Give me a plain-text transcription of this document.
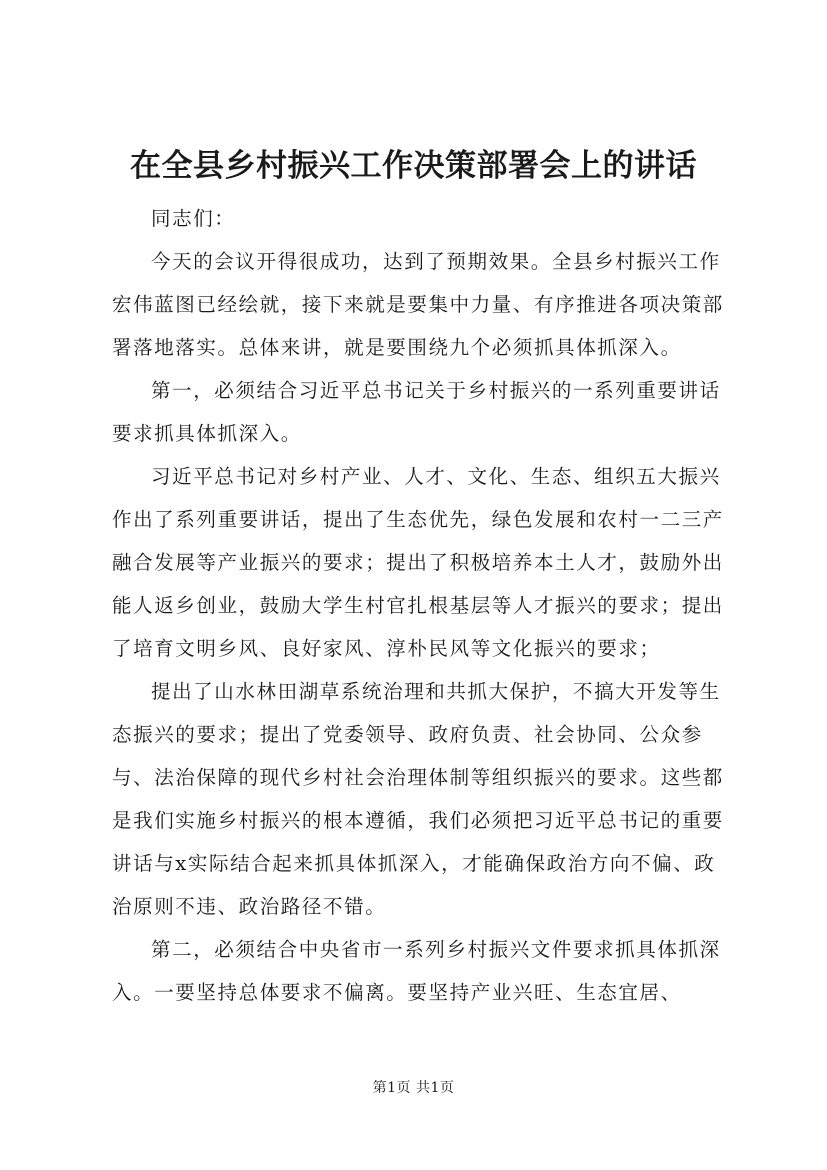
在全县乡村振兴工作决策部署会上的讲话

同志们：

今天的会议开得很成功，达到了预期效果。全县乡村振兴工作宏伟蓝图已经绘就，接下来就是要集中力量、有序推进各项决策部署落地落实。总体来讲，就是要围绕九个必须抓具体抓深入。

第一，必须结合习近平总书记关于乡村振兴的一系列重要讲话要求抓具体抓深入。

习近平总书记对乡村产业、人才、文化、生态、组织五大振兴作出了系列重要讲话，提出了生态优先，绿色发展和农村一二三产融合发展等产业振兴的要求；提出了积极培养本土人才，鼓励外出能人返乡创业，鼓励大学生村官扎根基层等人才振兴的要求；提出了培育文明乡风、良好家风、淳朴民风等文化振兴的要求；

提出了山水林田湖草系统治理和共抓大保护，不搞大开发等生态振兴的要求；提出了党委领导、政府负责、社会协同、公众参与、法治保障的现代乡村社会治理体制等组织振兴的要求。这些都是我们实施乡村振兴的根本遵循，我们必须把习近平总书记的重要讲话与x实际结合起来抓具体抓深入，才能确保政治方向不偏、政治原则不违、政治路径不错。

第二，必须结合中央省市一系列乡村振兴文件要求抓具体抓深入。一要坚持总体要求不偏离。要坚持产业兴旺、生态宜居、

第1页 共1页
